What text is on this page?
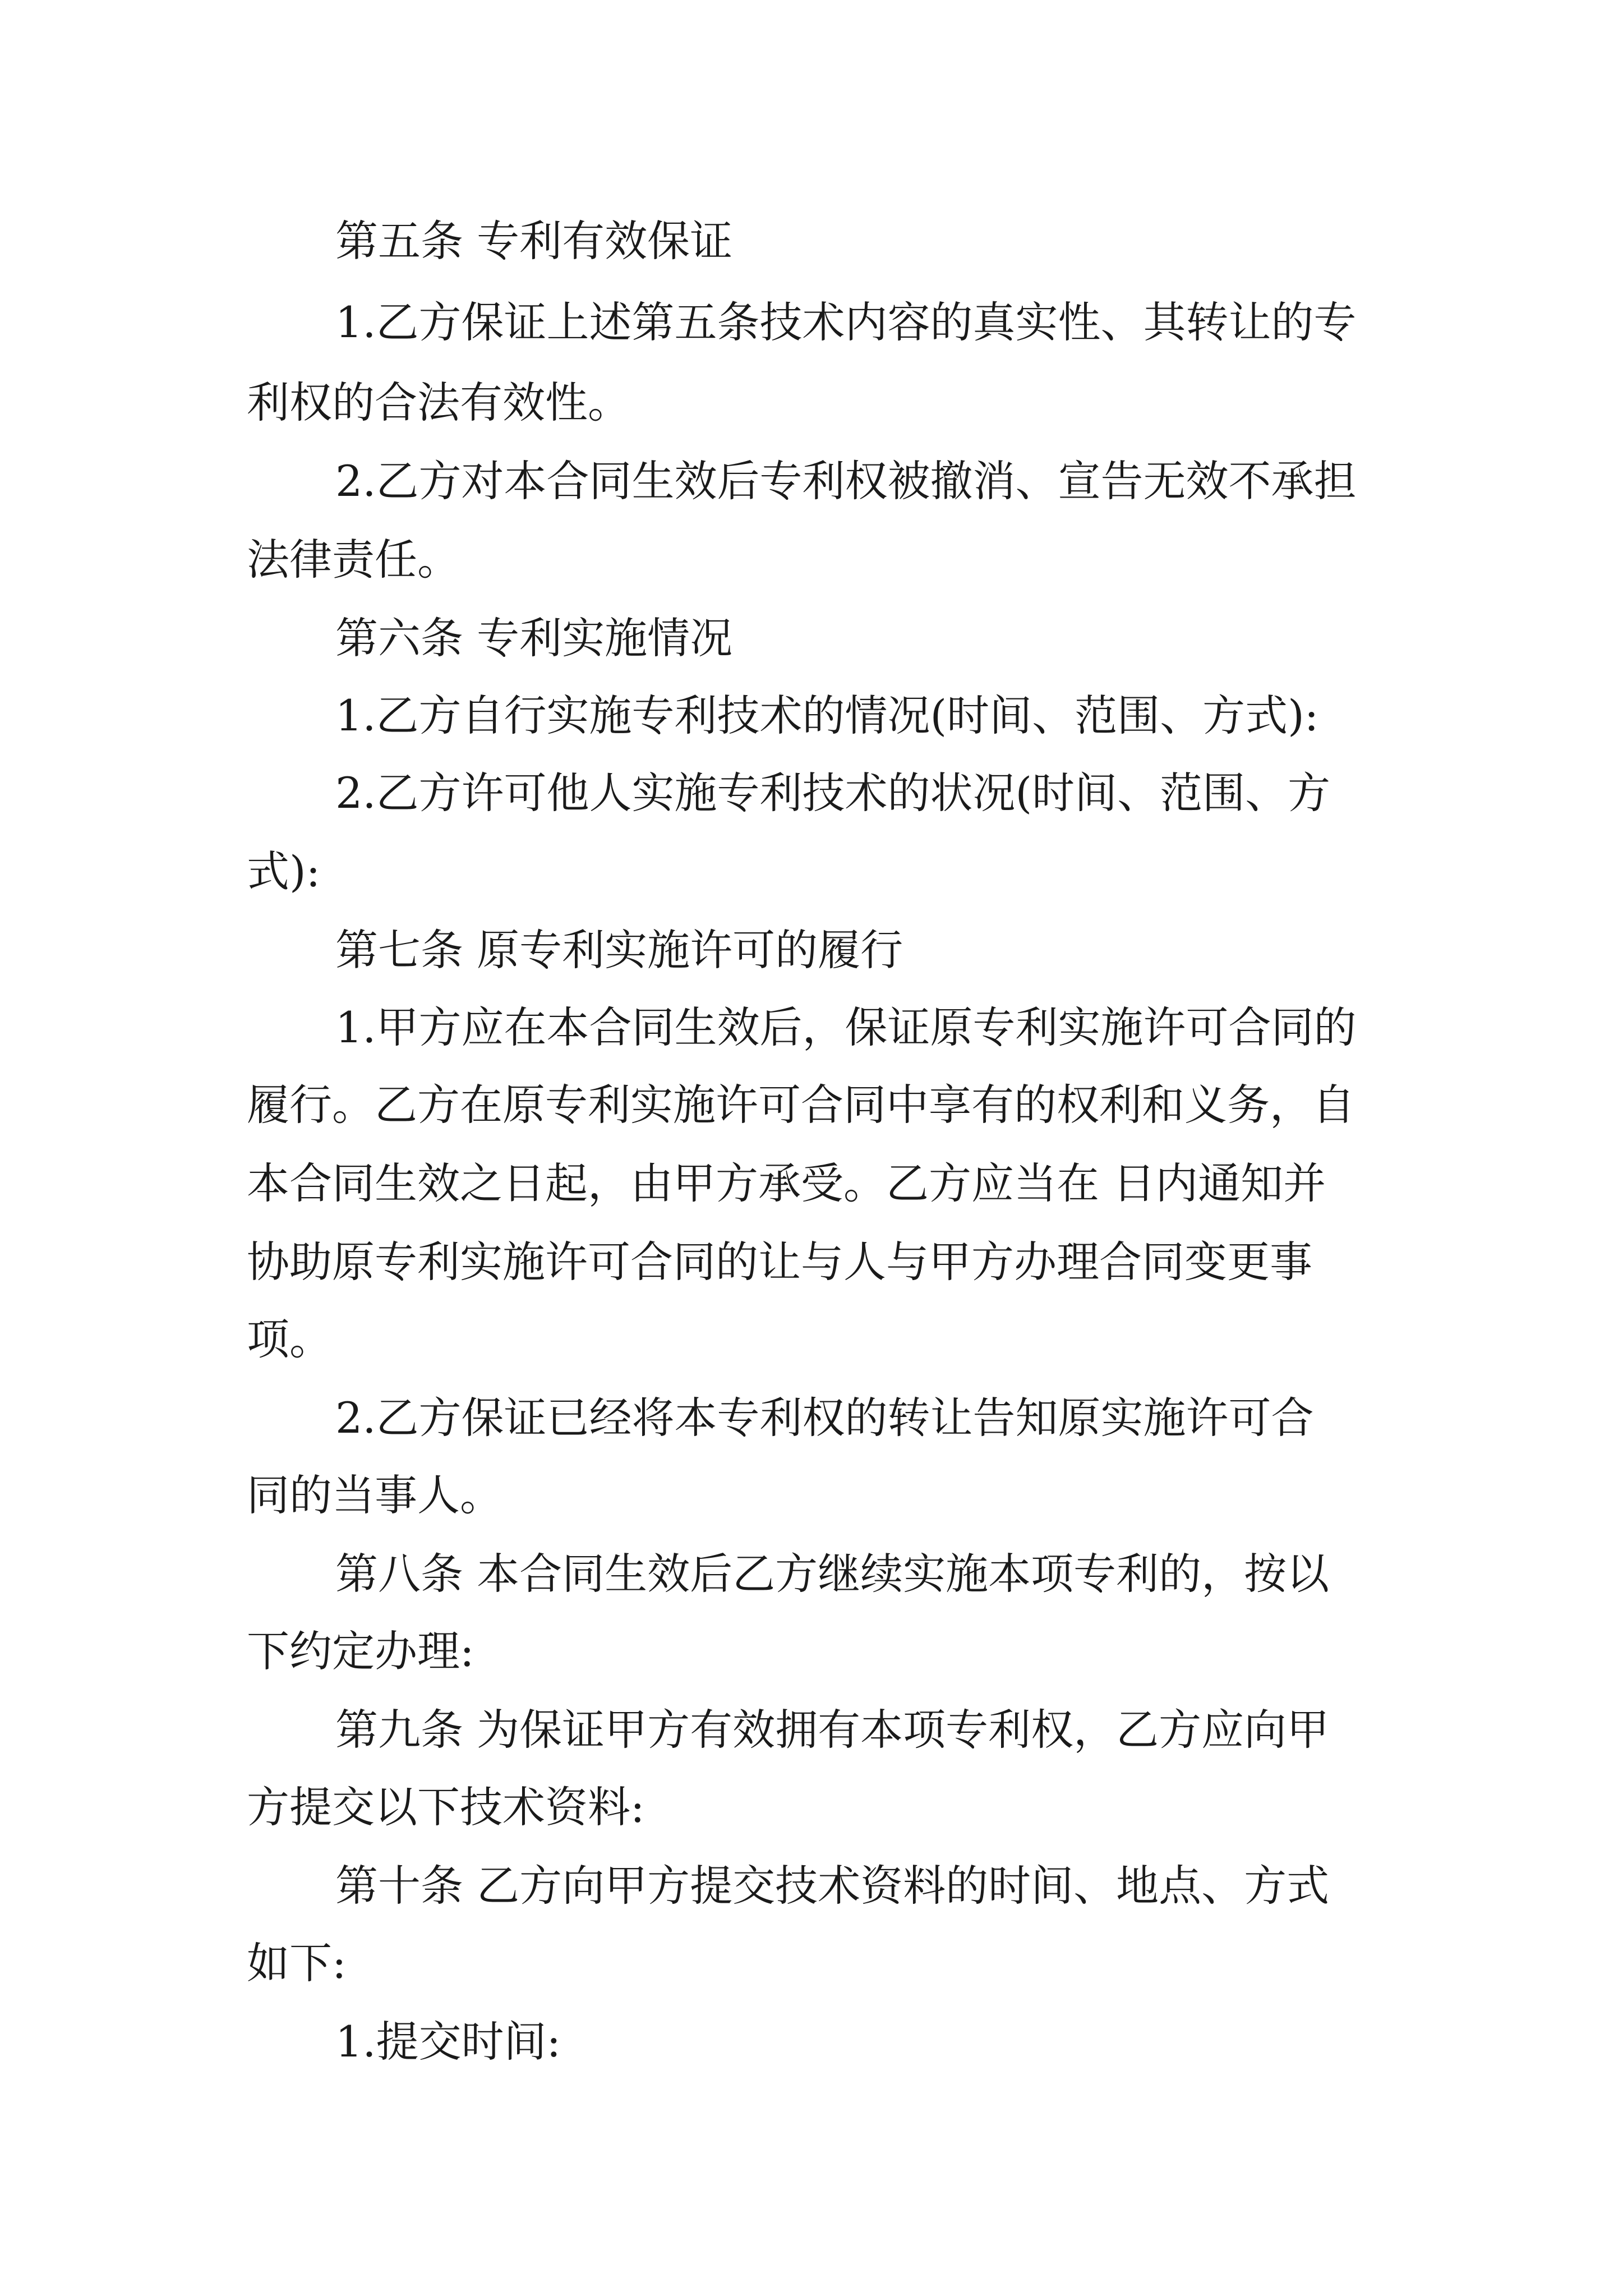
第五条 专利有效保证
1.乙方保证上述第五条技术内容的真实性、其转让的专
利权的合法有效性。
2.乙方对本合同生效后专利权被撤消、宣告无效不承担
法律责任。
第六条 专利实施情况
1.乙方自行实施专利技术的情况(时间、范围、方式):
2.乙方许可他人实施专利技术的状况(时间、范围、方
式):
第七条 原专利实施许可的履行
1.甲方应在本合同生效后，保证原专利实施许可合同的
履行。乙方在原专利实施许可合同中享有的权利和义务，自
本合同生效之日起，由甲方承受。乙方应当在 日内通知并
协助原专利实施许可合同的让与人与甲方办理合同变更事
项。
2.乙方保证已经将本专利权的转让告知原实施许可合
同的当事人。
第八条 本合同生效后乙方继续实施本项专利的，按以
下约定办理:
第九条 为保证甲方有效拥有本项专利权，乙方应向甲
方提交以下技术资料:
第十条 乙方向甲方提交技术资料的时间、地点、方式
如下:
1.提交时间:
